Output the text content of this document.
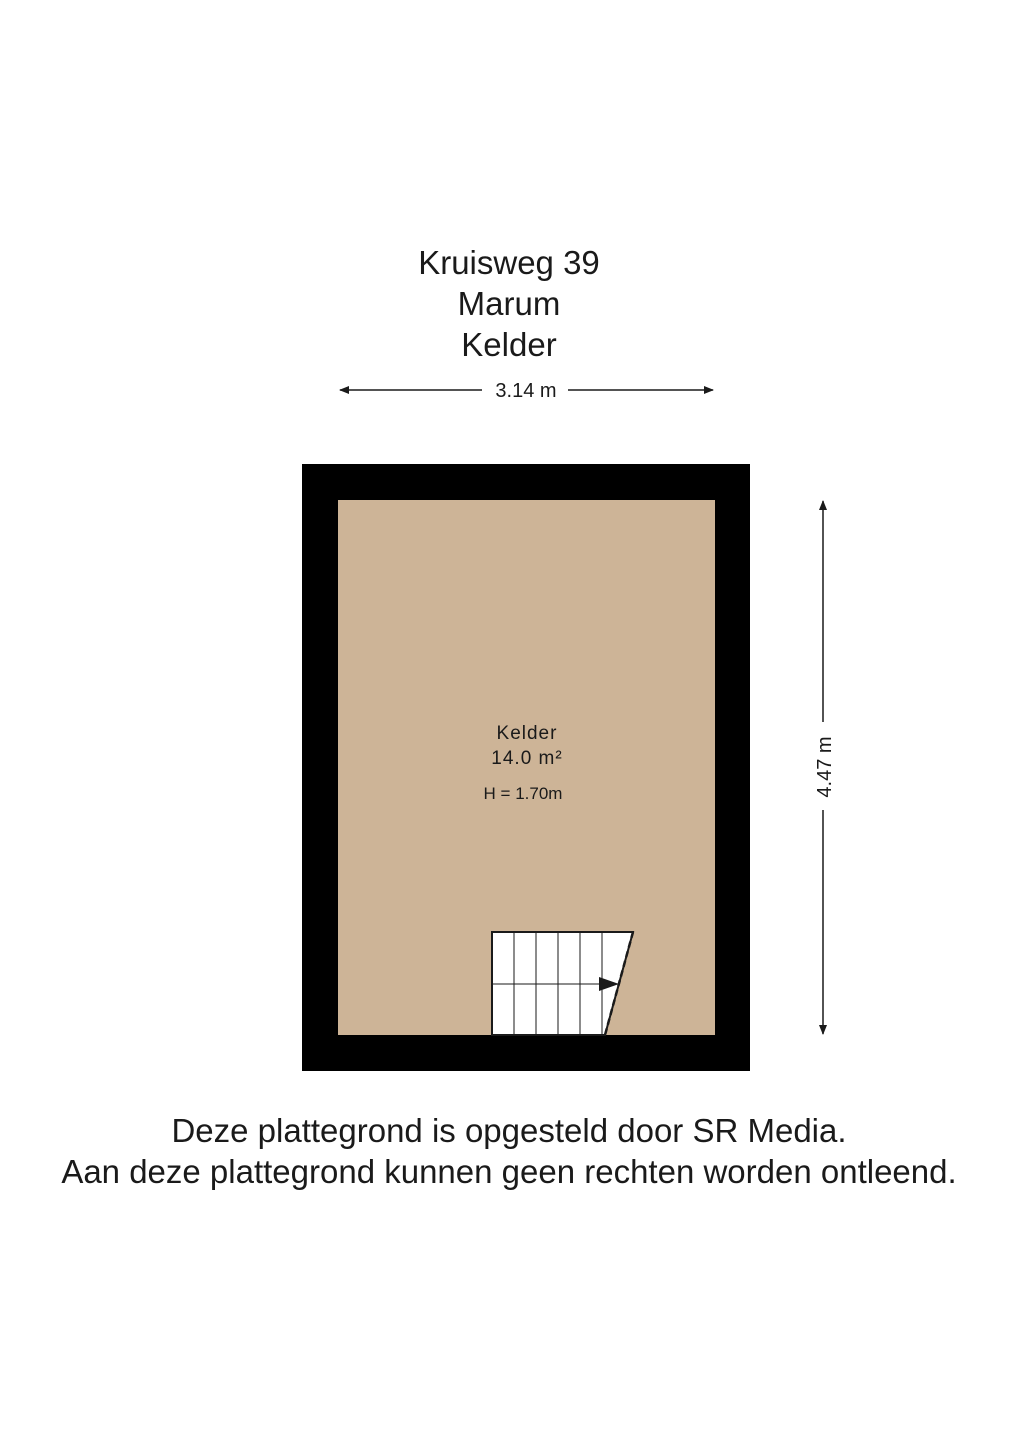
Kruisweg 39
Marum
Kelder
3.14 m
Kelder
14.0 m²
H = 1.70m	4.47 m
Deze plattegrond is opgesteld door SR Media.
Aan deze plattegrond kunnen geen rechten worden ontleend.
